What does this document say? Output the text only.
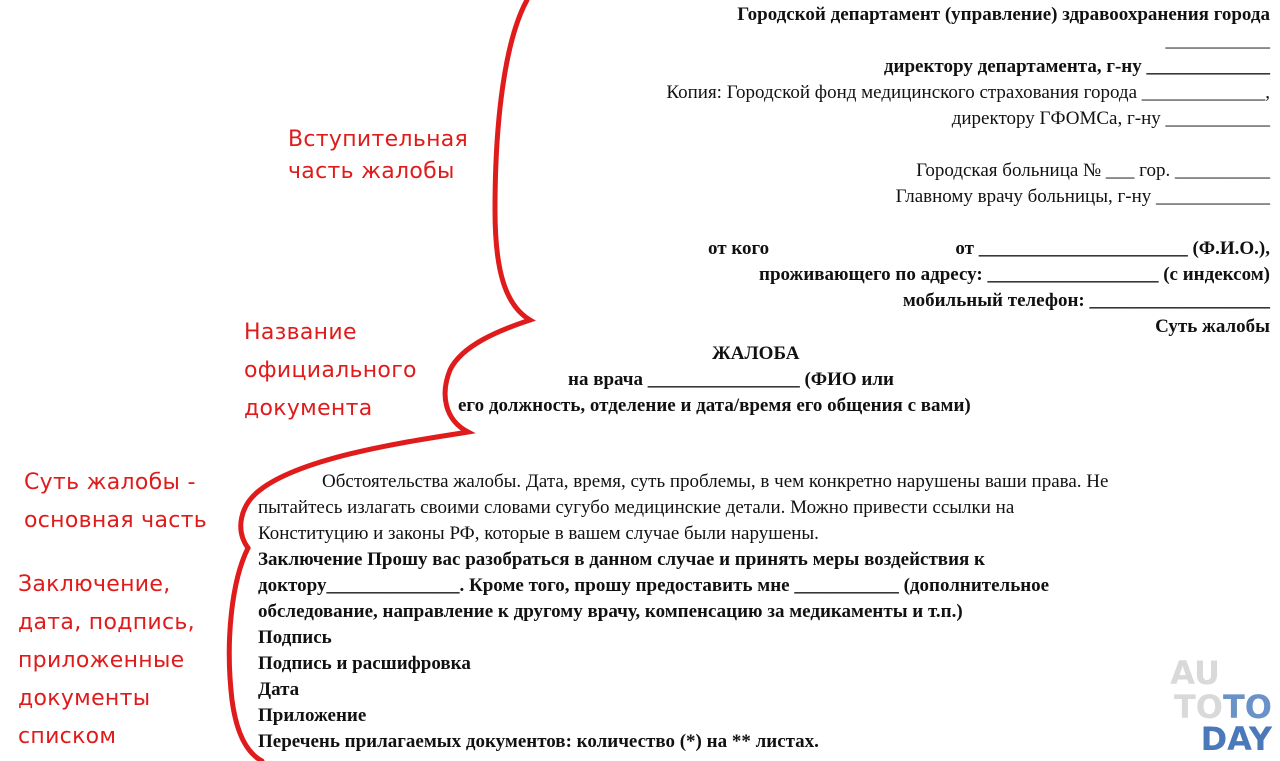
Городской департамент (управление) здравоохранения города
___________
директору департамента, г-ну _____________
Копия: Городской фонд медицинского страхования города _____________,
директору ГФОМСа, г-ну ___________
Городская больница № ___ гор. __________
Главному врачу больницы, г-ну ____________
от кого	от ______________________ (Ф.И.О.),
проживающего по адресу: __________________ (с индексом)
мобильный телефон: ___________________
Суть жалобы
ЖАЛОБА
на врача ________________ (ФИО или
его должность, отделение и дата/время его общения с вами)
Обстоятельства жалобы. Дата, время, суть проблемы, в чем конкретно нарушены ваши права. Не
пытайтесь излагать своими словами сугубо медицинские детали. Можно привести ссылки на
Конституцию и законы РФ, которые в вашем случае были нарушены.
Заключение Прошу вас разобраться в данном случае и принять меры воздействия к
доктору______________. Кроме того, прошу предоставить мне ___________ (дополнительное
обследование, направление к другому врачу, компенсацию за медикаменты и т.п.)
Подпись
Подпись и расшифровка
Дата
Приложение
Перечень прилагаемых документов: количество (*) на ** листах.
Вступительная
часть жалобы
Название
официального
документа
Суть жалобы -
основная часть
Заключение,
дата, подпись,
приложенные
документы
списком
AU
TOTO
DAY
